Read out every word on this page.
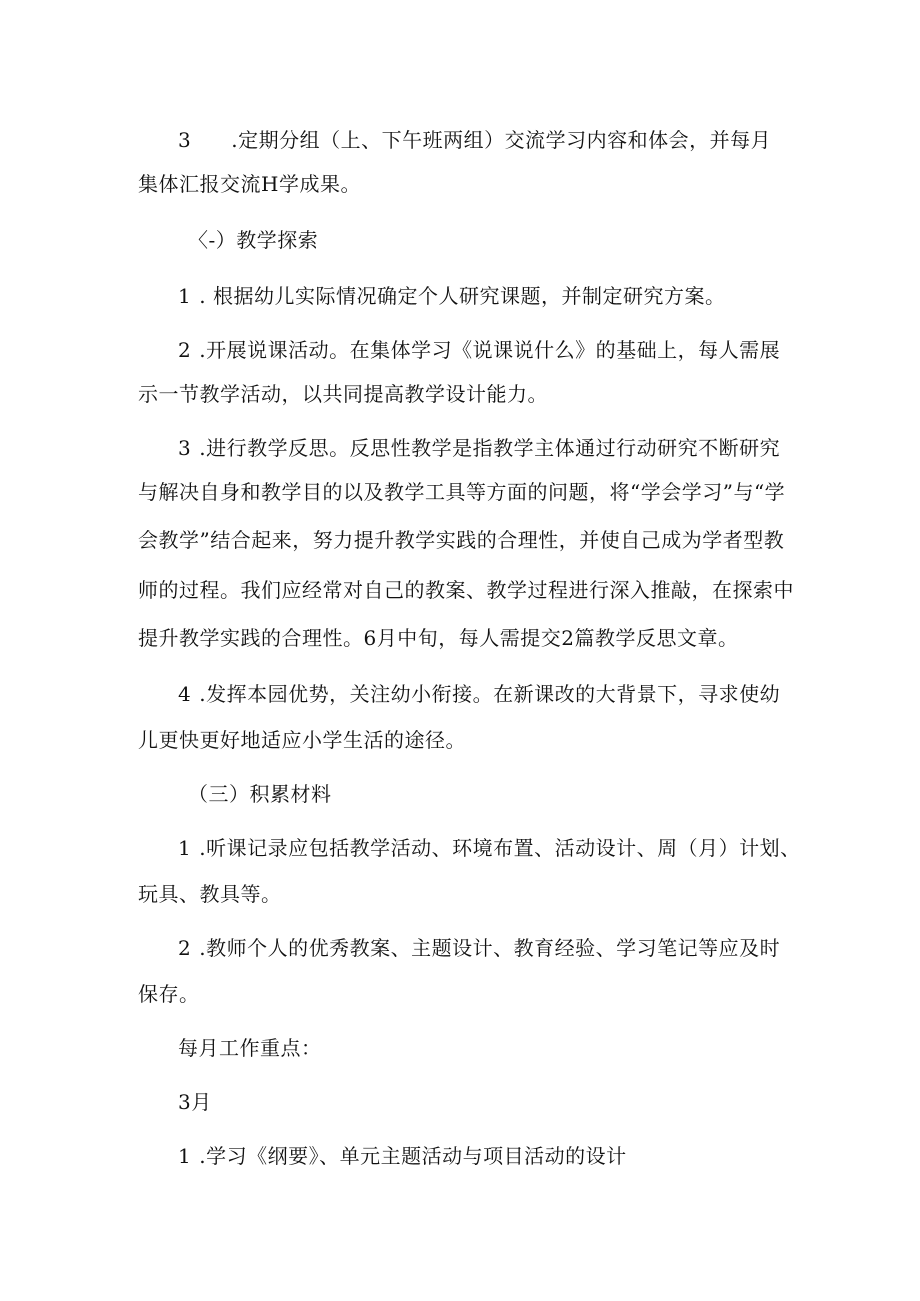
3 .定期分组（上、下午班两组）交流学习内容和体会，并每月
集体汇报交流H学成果。
〈-）教学探索
1 . 根据幼儿实际情况确定个人研究课题，并制定研究方案。
2 .开展说课活动。在集体学习《说课说什么》的基础上，每人需展
示一节教学活动，以共同提高教学设计能力。
3 .进行教学反思。反思性教学是指教学主体通过行动研究不断研究
与解决自身和教学目的以及教学工具等方面的问题，将“学会学习”与“学
会教学”结合起来，努力提升教学实践的合理性，并使自己成为学者型教
师的过程。我们应经常对自己的教案、教学过程进行深入推敲，在探索中
提升教学实践的合理性。6月中旬，每人需提交2篇教学反思文章。
4 .发挥本园优势，关注幼小衔接。在新课改的大背景下，寻求使幼
儿更快更好地适应小学生活的途径。
（三）积累材料
1 .听课记录应包括教学活动、环境布置、活动设计、周（月）计划、
玩具、教具等。
2 .教师个人的优秀教案、主题设计、教育经验、学习笔记等应及时
保存。
每月工作重点：
3月
1 .学习《纲要》、单元主题活动与项目活动的设计
